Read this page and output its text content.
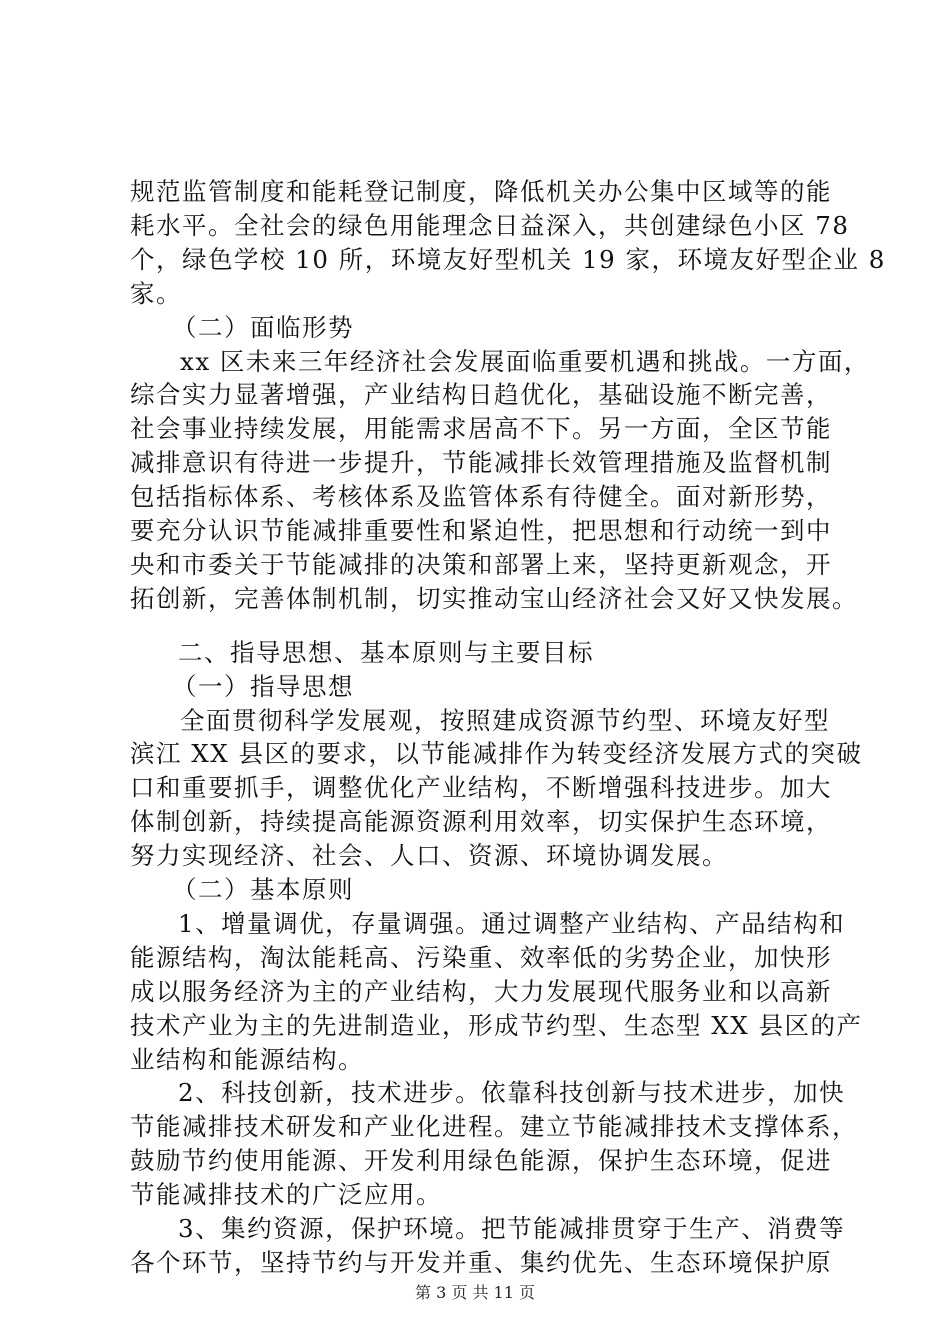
规范监管制度和能耗登记制度，降低机关办公集中区域等的能
耗水平。全社会的绿色用能理念日益深入，共创建绿色小区 78
个，绿色学校 10 所，环境友好型机关 19 家，环境友好型企业 8
家。
（二）面临形势
xx 区未来三年经济社会发展面临重要机遇和挑战。一方面，
综合实力显著增强，产业结构日趋优化，基础设施不断完善，
社会事业持续发展，用能需求居高不下。另一方面，全区节能
减排意识有待进一步提升，节能减排长效管理措施及监督机制
包括指标体系、考核体系及监管体系有待健全。面对新形势，
要充分认识节能减排重要性和紧迫性，把思想和行动统一到中
央和市委关于节能减排的决策和部署上来，坚持更新观念，开
拓创新，完善体制机制，切实推动宝山经济社会又好又快发展。
二、指导思想、基本原则与主要目标
（一）指导思想
全面贯彻科学发展观，按照建成资源节约型、环境友好型
滨江 XX 县区的要求，以节能减排作为转变经济发展方式的突破
口和重要抓手，调整优化产业结构，不断增强科技进步。加大
体制创新，持续提高能源资源利用效率，切实保护生态环境，
努力实现经济、社会、人口、资源、环境协调发展。
（二）基本原则
1、增量调优，存量调强。通过调整产业结构、产品结构和
能源结构，淘汰能耗高、污染重、效率低的劣势企业，加快形
成以服务经济为主的产业结构，大力发展现代服务业和以高新
技术产业为主的先进制造业，形成节约型、生态型 XX 县区的产
业结构和能源结构。
2、科技创新，技术进步。依靠科技创新与技术进步，加快
节能减排技术研发和产业化进程。建立节能减排技术支撑体系，
鼓励节约使用能源、开发利用绿色能源，保护生态环境，促进
节能减排技术的广泛应用。
3、集约资源，保护环境。把节能减排贯穿于生产、消费等
各个环节，坚持节约与开发并重、集约优先、生态环境保护原
第 3 页 共 11 页
